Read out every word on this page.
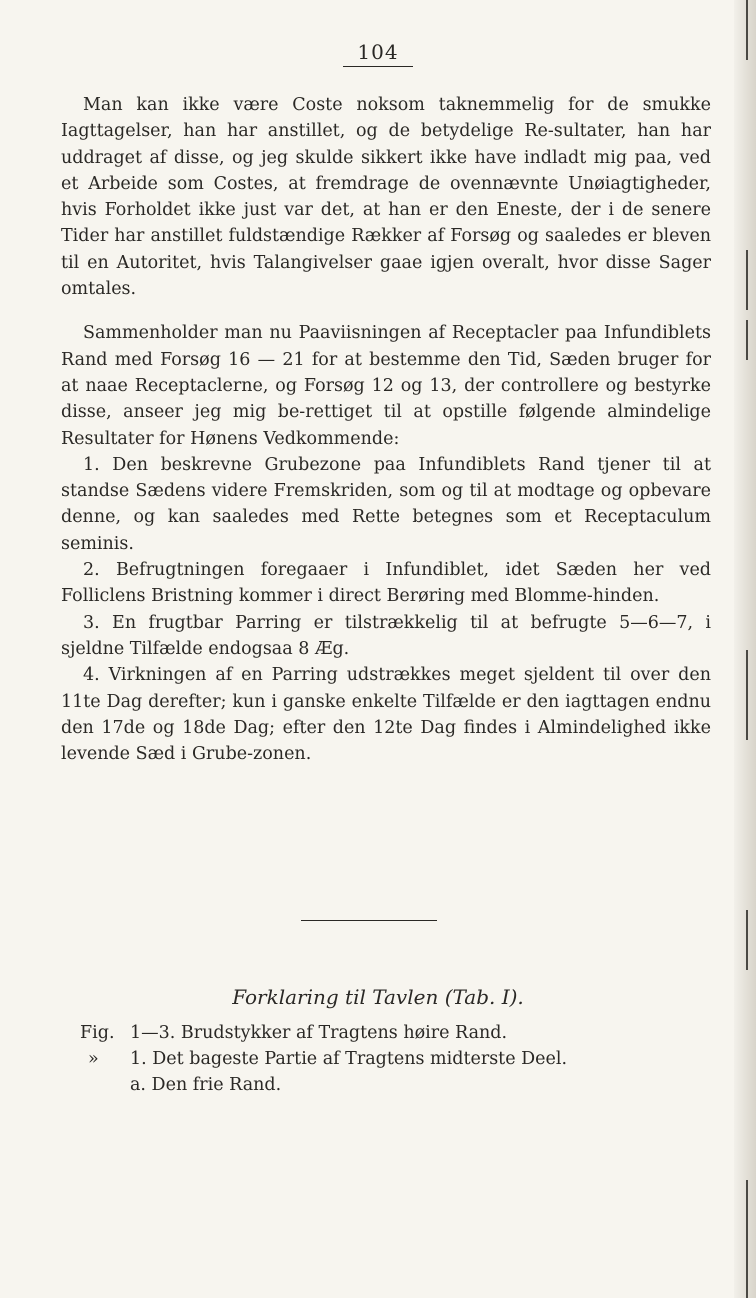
104

Man kan ikke være Coste noksom taknemmelig for de smukke Iagttagelser, han har anstillet, og de betydelige Re-sultater, han har uddraget af disse, og jeg skulde sikkert ikke have indladt mig paa, ved et Arbeide som Costes, at fremdrage de ovennævnte Unøiagtigheder, hvis Forholdet ikke just var det, at han er den Eneste, der i de senere Tider har anstillet fuldstændige Rækker af Forsøg og saaledes er bleven til en Autoritet, hvis Talangivelser gaae igjen overalt, hvor disse Sager omtales.

Sammenholder man nu Paaviisningen af Receptacler paa Infundiblets Rand med Forsøg 16 — 21 for at bestemme den Tid, Sæden bruger for at naae Receptaclerne, og Forsøg 12 og 13, der controllere og bestyrke disse, anseer jeg mig be-rettiget til at opstille følgende almindelige Resultater for Hønens Vedkommende:

1. Den beskrevne Grubezone paa Infundiblets Rand tjener til at standse Sædens videre Fremskriden, som og til at modtage og opbevare denne, og kan saaledes med Rette betegnes som et Receptaculum seminis.

2. Befrugtningen foregaaer i Infundiblet, idet Sæden her ved Folliclens Bristning kommer i direct Berøring med Blomme-hinden.

3. En frugtbar Parring er tilstrækkelig til at befrugte 5—6—7, i sjeldne Tilfælde endogsaa 8 Æg.

4. Virkningen af en Parring udstrækkes meget sjeldent til over den 11te Dag derefter; kun i ganske enkelte Tilfælde er den iagttagen endnu den 17de og 18de Dag; efter den 12te Dag findes i Almindelighed ikke levende Sæd i Grube-zonen.

Forklaring til Tavlen (Tab. I).
Fig. 1—3. Brudstykker af Tragtens høire Rand.
» 1. Det bageste Partie af Tragtens midterste Deel.
a. Den frie Rand.
